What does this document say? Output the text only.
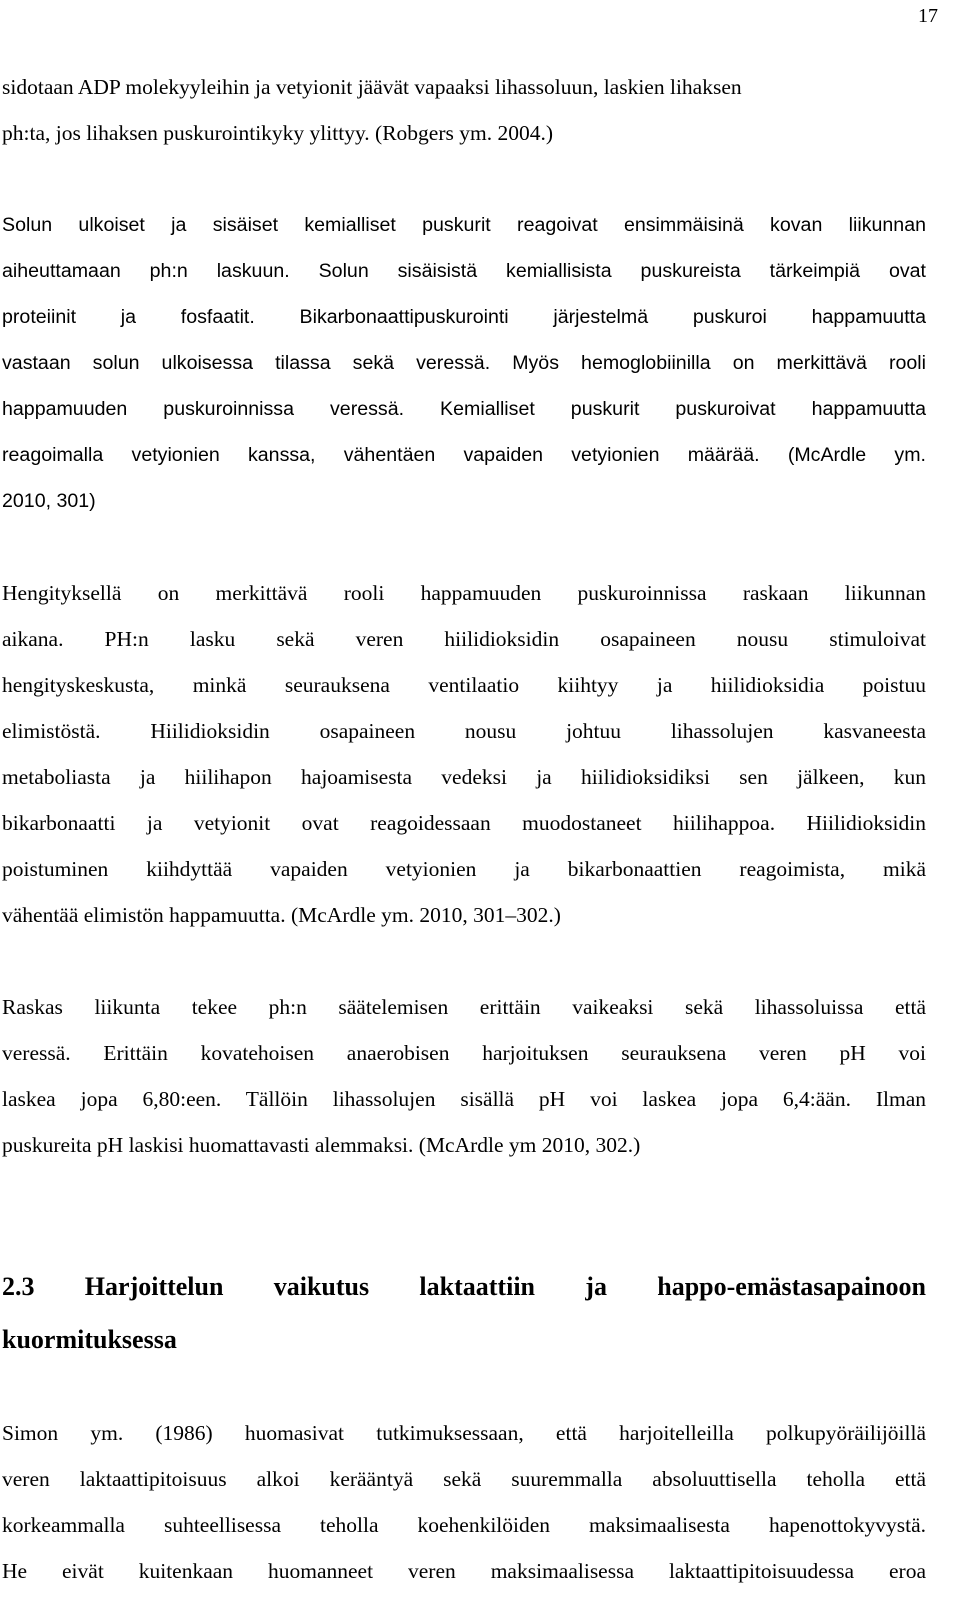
17
sidotaan ADP molekyyleihin ja vetyionit jäävät vapaaksi lihassoluun, laskien lihaksen
ph:ta, jos lihaksen puskurointikyky ylittyy. (Robgers ym. 2004.)
Solun ulkoiset ja sisäiset kemialliset puskurit reagoivat ensimmäisinä kovan liikunnan
aiheuttamaan ph:n laskuun. Solun sisäisistä kemiallisista puskureista tärkeimpiä ovat
proteiinit ja fosfaatit. Bikarbonaattipuskurointi järjestelmä puskuroi happamuutta
vastaan solun ulkoisessa tilassa sekä veressä. Myös hemoglobiinilla on merkittävä rooli
happamuuden puskuroinnissa veressä. Kemialliset puskurit puskuroivat happamuutta
reagoimalla vetyionien kanssa, vähentäen vapaiden vetyionien määrää. (McArdle ym.
2010, 301)
Hengityksellä on merkittävä rooli happamuuden puskuroinnissa raskaan liikunnan
aikana. PH:n lasku sekä veren hiilidioksidin osapaineen nousu stimuloivat
hengityskeskusta, minkä seurauksena ventilaatio kiihtyy ja hiilidioksidia poistuu
elimistöstä. Hiilidioksidin osapaineen nousu johtuu lihassolujen kasvaneesta
metaboliasta ja hiilihapon hajoamisesta vedeksi ja hiilidioksidiksi sen jälkeen, kun
bikarbonaatti ja vetyionit ovat reagoidessaan muodostaneet hiilihappoa. Hiilidioksidin
poistuminen kiihdyttää vapaiden vetyionien ja bikarbonaattien reagoimista, mikä
vähentää elimistön happamuutta. (McArdle ym. 2010, 301–302.)
Raskas liikunta tekee ph:n säätelemisen erittäin vaikeaksi sekä lihassoluissa että
veressä. Erittäin kovatehoisen anaerobisen harjoituksen seurauksena veren pH voi
laskea jopa 6,80:een. Tällöin lihassolujen sisällä pH voi laskea jopa 6,4:ään. Ilman
puskureita pH laskisi huomattavasti alemmaksi. (McArdle ym 2010, 302.)
2.3 Harjoittelun vaikutus laktaattiin ja happo-emästasapainoon
kuormituksessa
Simon ym. (1986) huomasivat tutkimuksessaan, että harjoitelleilla polkupyöräilijöillä
veren laktaattipitoisuus alkoi kerääntyä sekä suuremmalla absoluuttisella teholla että
korkeammalla suhteellisessa teholla koehenkilöiden maksimaalisesta hapenottokyvystä.
He eivät kuitenkaan huomanneet veren maksimaalisessa laktaattipitoisuudessa eroa
